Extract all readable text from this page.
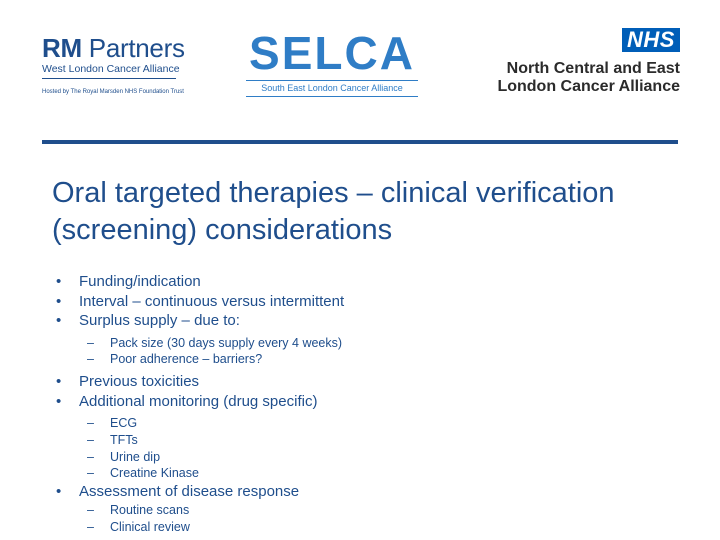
RM Partners
West London Cancer Alliance
Hosted by The Royal Marsden NHS Foundation Trust
SELCA
South East London Cancer Alliance
NHS
North Central and East
London Cancer Alliance
Oral targeted therapies – clinical verification
(screening) considerations
• Funding/indication
• Interval – continuous versus intermittent
• Surplus supply – due to:
– Pack size (30 days supply every 4 weeks)
– Poor adherence – barriers?
• Previous toxicities
• Additional monitoring (drug specific)
– ECG
– TFTs
– Urine dip
– Creatine Kinase
• Assessment of disease response
– Routine scans
– Clinical review
